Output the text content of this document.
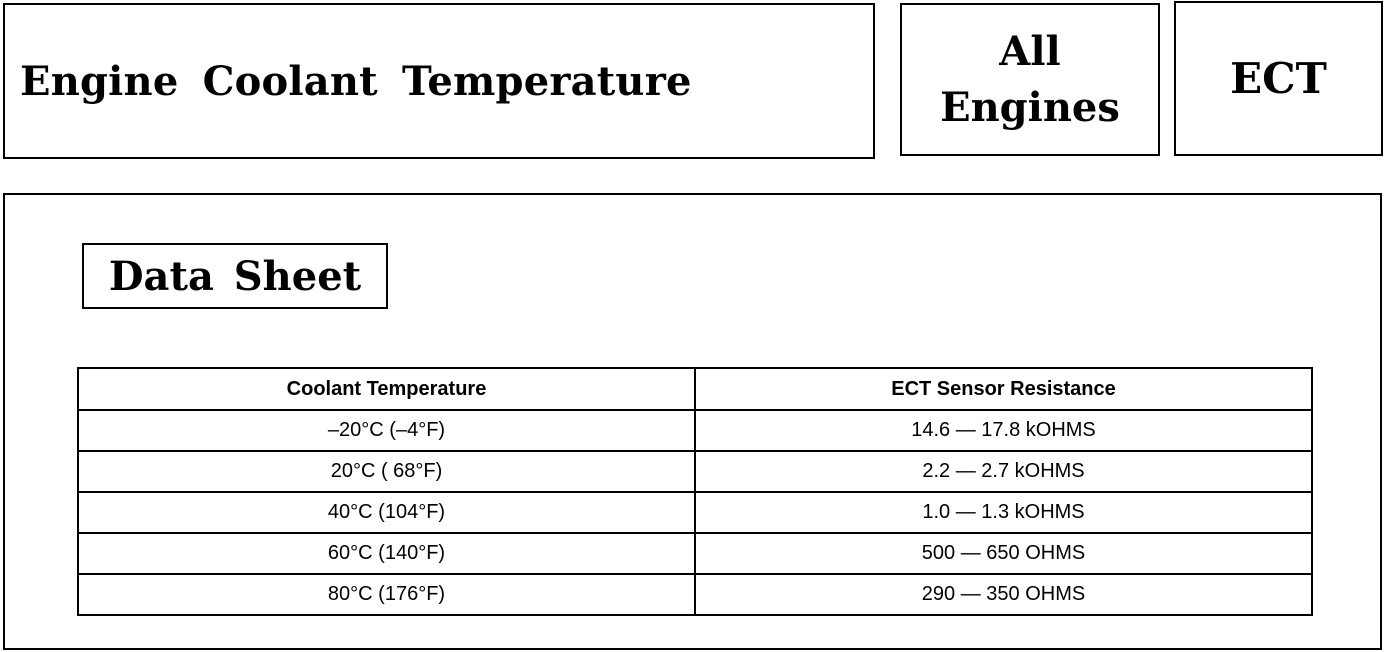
Engine Coolant Temperature
All
Engines
ECT
Data Sheet
Coolant Temperature	ECT Sensor Resistance
–20°C (–4°F)	14.6 — 17.8 kOHMS
20°C ( 68°F)	2.2 — 2.7 kOHMS
40°C (104°F)	1.0 — 1.3 kOHMS
60°C (140°F)	500 — 650 OHMS
80°C (176°F)	290 — 350 OHMS
